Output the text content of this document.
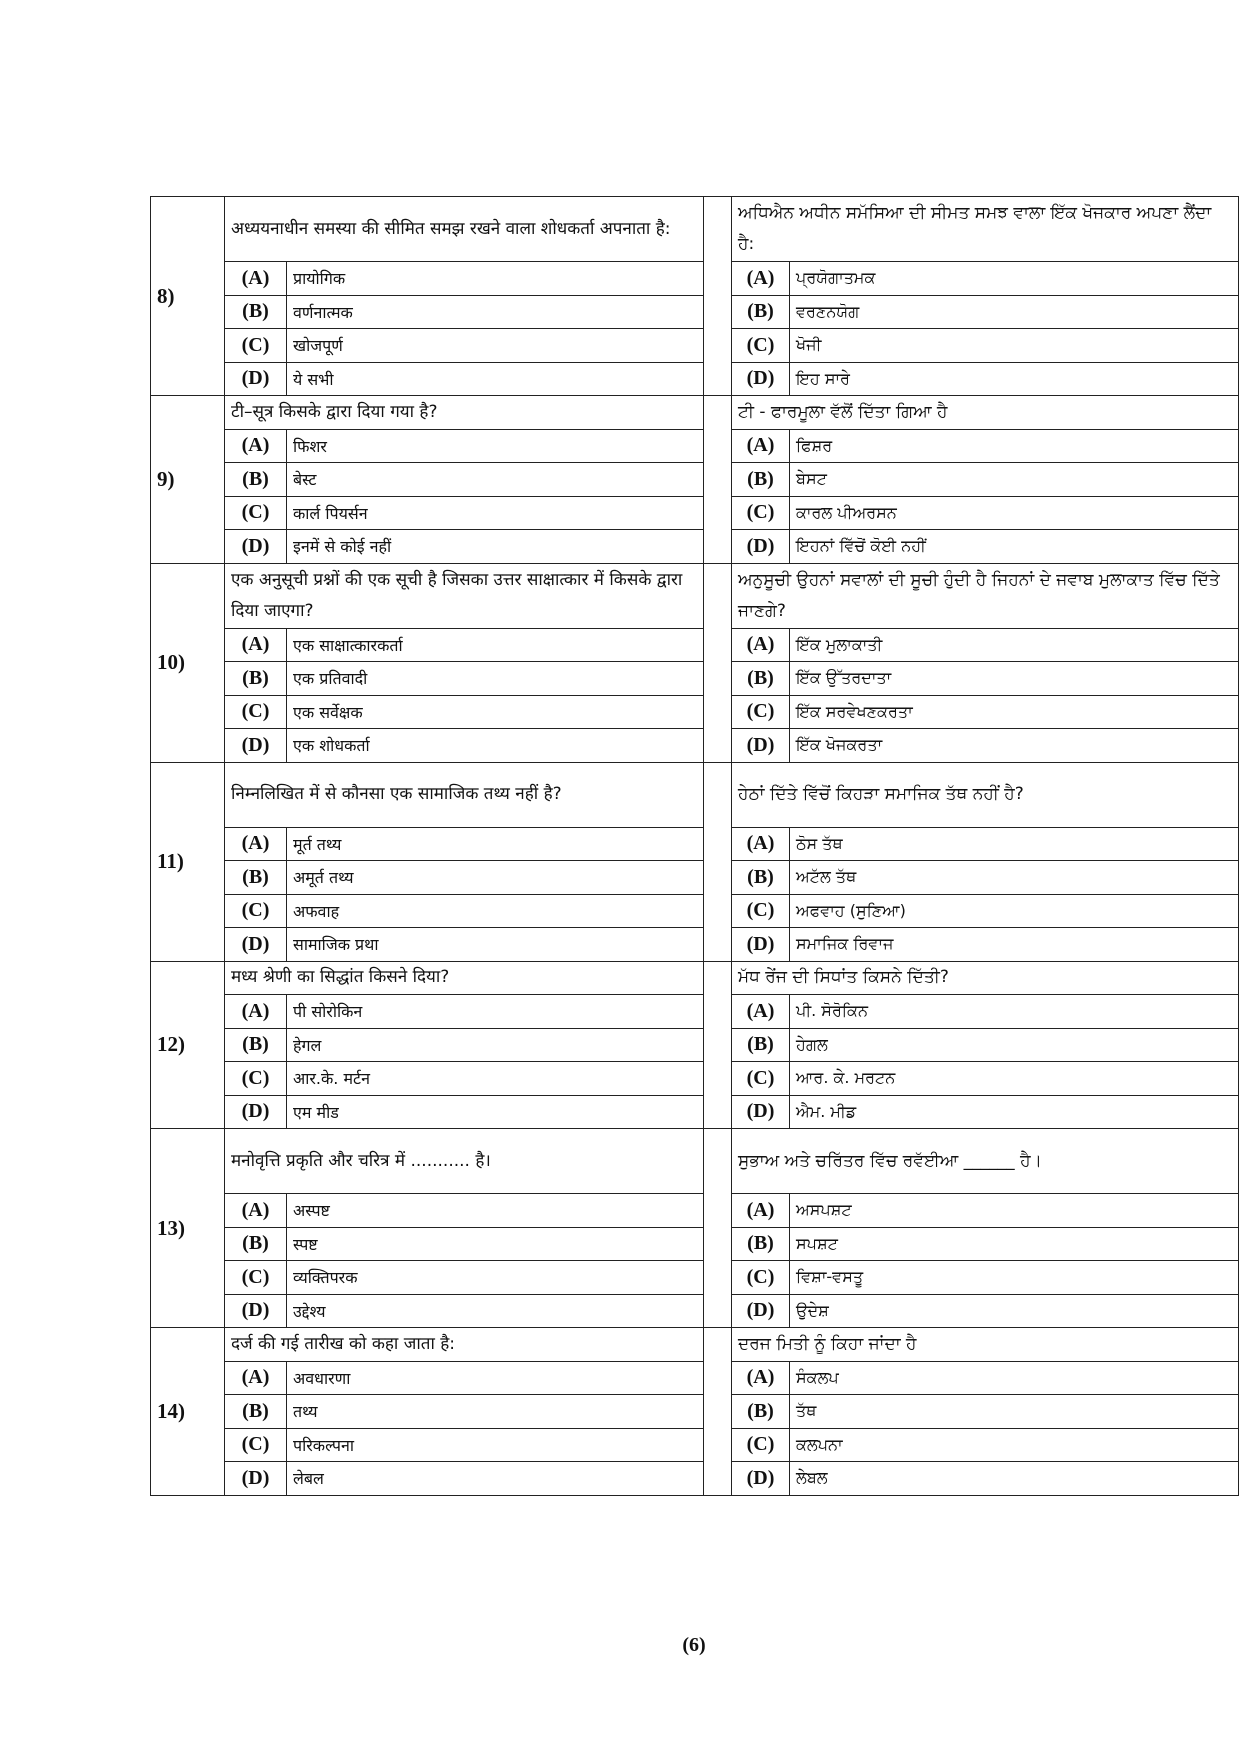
8)	अध्ययनाधीन समस्या की सीमित समझ रखने वाला शोधकर्ता अपनाता है:			ਅਧਿਐਨ ਅਧੀਨ ਸਮੱਸਿਆ ਦੀ ਸੀਮਤ ਸਮਝ ਵਾਲਾ ਇੱਕ ਖੋਜਕਾਰ ਅਪਣਾ ਲੈਂਦਾ ਹੈ:	
	(A)	प्रायोगिक		(A)	ਪ੍ਰਯੋਗਾਤਮਕ
	(B)	वर्णनात्मक		(B)	ਵਰਣਨਯੋਗ
	(C)	खोजपूर्ण		(C)	ਖੋਜੀ
	(D)	ये सभी		(D)	ਇਹ ਸਾਰੇ
9)	टी–सूत्र किसके द्वारा दिया गया है?			ਟੀ - ਫਾਰਮੂਲਾ ਵੱਲੋਂ ਦਿੱਤਾ ਗਿਆ ਹੈ	
	(A)	फिशर		(A)	ਫਿਸ਼ਰ
	(B)	बेस्ट		(B)	ਬੇਸਟ
	(C)	कार्ल पियर्सन		(C)	ਕਾਰਲ ਪੀਅਰਸਨ
	(D)	इनमें से कोई नहीं		(D)	ਇਹਨਾਂ ਵਿੱਚੋਂ ਕੋਈ ਨਹੀਂ
10)	एक अनुसूची प्रश्नों की एक सूची है जिसका उत्तर साक्षात्कार में किसके द्वारा दिया जाएगा?			ਅਨੁਸੂਚੀ ਉਹਨਾਂ ਸਵਾਲਾਂ ਦੀ ਸੂਚੀ ਹੁੰਦੀ ਹੈ ਜਿਹਨਾਂ ਦੇ ਜਵਾਬ ਮੁਲਾਕਾਤ ਵਿੱਚ ਦਿੱਤੇ ਜਾਣਗੇ?	
	(A)	एक साक्षात्कारकर्ता		(A)	ਇੱਕ ਮੁਲਾਕਾਤੀ
	(B)	एक प्रतिवादी		(B)	ਇੱਕ ਉੱਤਰਦਾਤਾ
	(C)	एक सर्वेक्षक		(C)	ਇੱਕ ਸਰਵੇਖਣਕਰਤਾ
	(D)	एक शोधकर्ता		(D)	ਇੱਕ ਖੋਜਕਰਤਾ
11)	निम्नलिखित में से कौनसा एक सामाजिक तथ्य नहीं है?			ਹੇਠਾਂ ਦਿੱਤੇ ਵਿੱਚੋਂ ਕਿਹੜਾ ਸਮਾਜਿਕ ਤੱਥ ਨਹੀਂ ਹੈ?	
	(A)	मूर्त तथ्य		(A)	ਠੋਸ ਤੱਥ
	(B)	अमूर्त तथ्य		(B)	ਅਟੱਲ ਤੱਥ
	(C)	अफवाह		(C)	ਅਫਵਾਹ (ਸੁਣਿਆ)
	(D)	सामाजिक प्रथा		(D)	ਸਮਾਜਿਕ ਰਿਵਾਜ
12)	मध्य श्रेणी का सिद्धांत किसने दिया?			ਮੱਧ ਰੇਂਜ ਦੀ ਸਿਧਾਂਤ ਕਿਸਨੇ ਦਿੱਤੀ?	
	(A)	पी सोरोकिन		(A)	ਪੀ. ਸੋਰੋਕਿਨ
	(B)	हेगल		(B)	ਹੇਗਲ
	(C)	आर.के. मर्टन		(C)	ਆਰ. ਕੇ. ਮਰਟਨ
	(D)	एम मीड		(D)	ਐਮ. ਮੀਡ
13)	मनोवृत्ति प्रकृति और चरित्र में ........... है।			ਸੁਭਾਅ ਅਤੇ ਚਰਿੱਤਰ ਵਿੱਚ ਰਵੱਈਆ ______ ਹੈ।	
	(A)	अस्पष्ट		(A)	ਅਸਪਸ਼ਟ
	(B)	स्पष्ट		(B)	ਸਪਸ਼ਟ
	(C)	व्यक्तिपरक		(C)	ਵਿਸ਼ਾ-ਵਸਤੂ
	(D)	उद्देश्य		(D)	ਉਦੇਸ਼
14)	दर्ज की गई तारीख को कहा जाता है:			ਦਰਜ ਮਿਤੀ ਨੂੰ ਕਿਹਾ ਜਾਂਦਾ ਹੈ	
	(A)	अवधारणा		(A)	ਸੰਕਲਪ
	(B)	तथ्य		(B)	ਤੱਥ
	(C)	परिकल्पना		(C)	ਕਲਪਨਾ
	(D)	लेबल		(D)	ਲੇਬਲ
(6)
